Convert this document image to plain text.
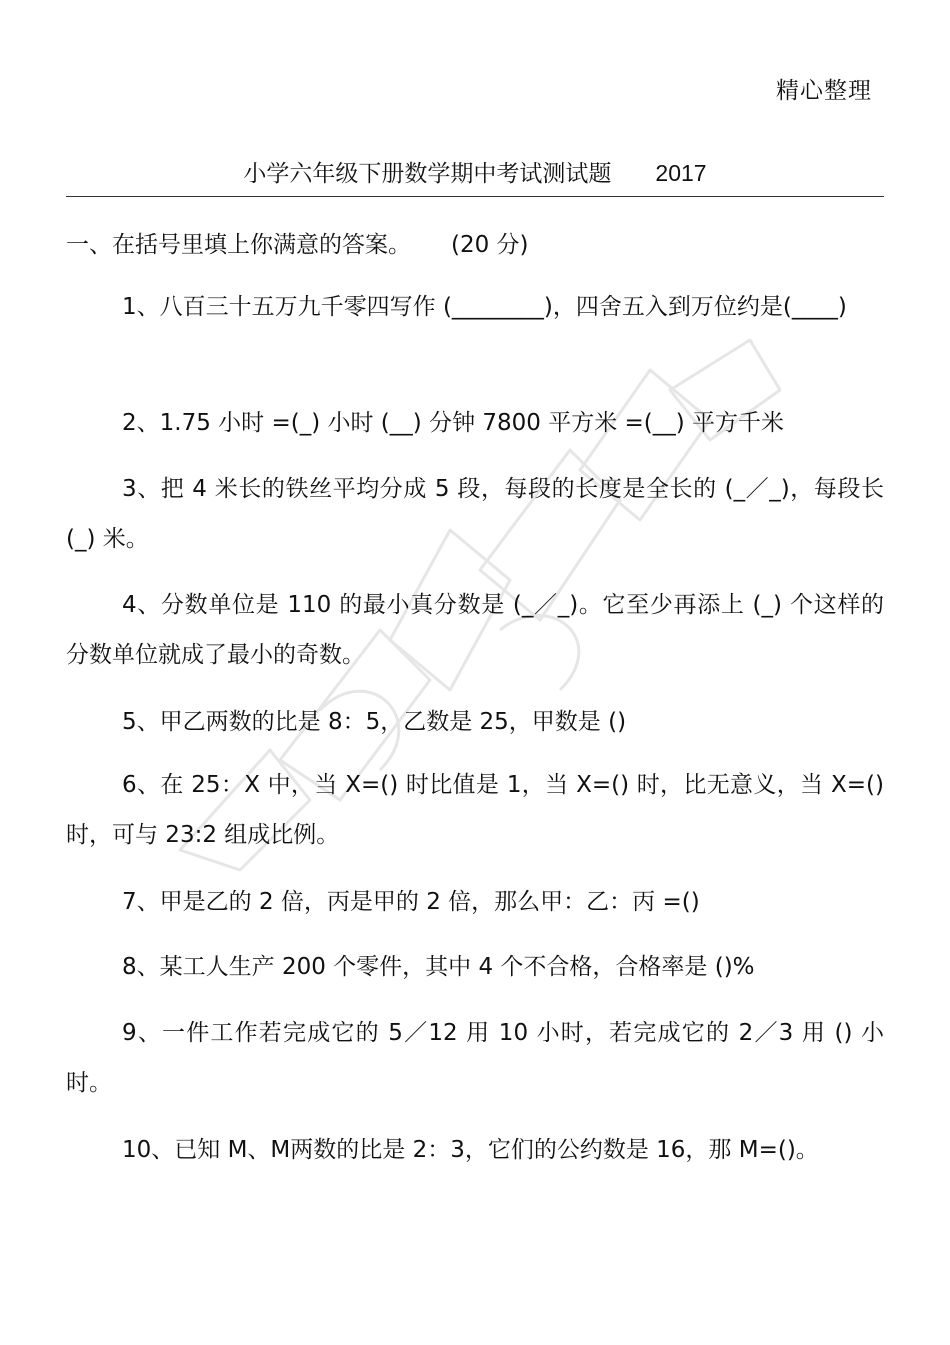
精心整理
小学六年级下册数学期中考试测试题 2017
一、在括号里填上你满意的答案。 (20 分)
1、八百三十五万九千零四写作 (________)，四舍五入到万位约是(____)
2、1.75 小时 =(_) 小时 (__) 分钟 7800 平方米 =(__) 平方千米
3、把 4 米长的铁丝平均分成 5 段，每段的长度是全长的 (_／_)，每段长 (_) 米。
4、分数单位是 110 的最小真分数是 (_／_)。它至少再添上 (_) 个这样的分数单位就成了最小的奇数。
5、甲乙两数的比是 8：5，乙数是 25，甲数是 ()
6、在 25：X 中，当 X=() 时比值是 1，当 X=() 时，比无意义，当 X=() 时，可与 23:2 组成比例。
7、甲是乙的 2 倍，丙是甲的 2 倍，那么甲：乙：丙 =()
8、某工人生产 200 个零件，其中 4 个不合格，合格率是 ()%
9、一件工作若完成它的 5／12 用 10 小时，若完成它的 2／3 用 () 小时。
10、已知 M、M两数的比是 2：3，它们的公约数是 16，那 M=()。
